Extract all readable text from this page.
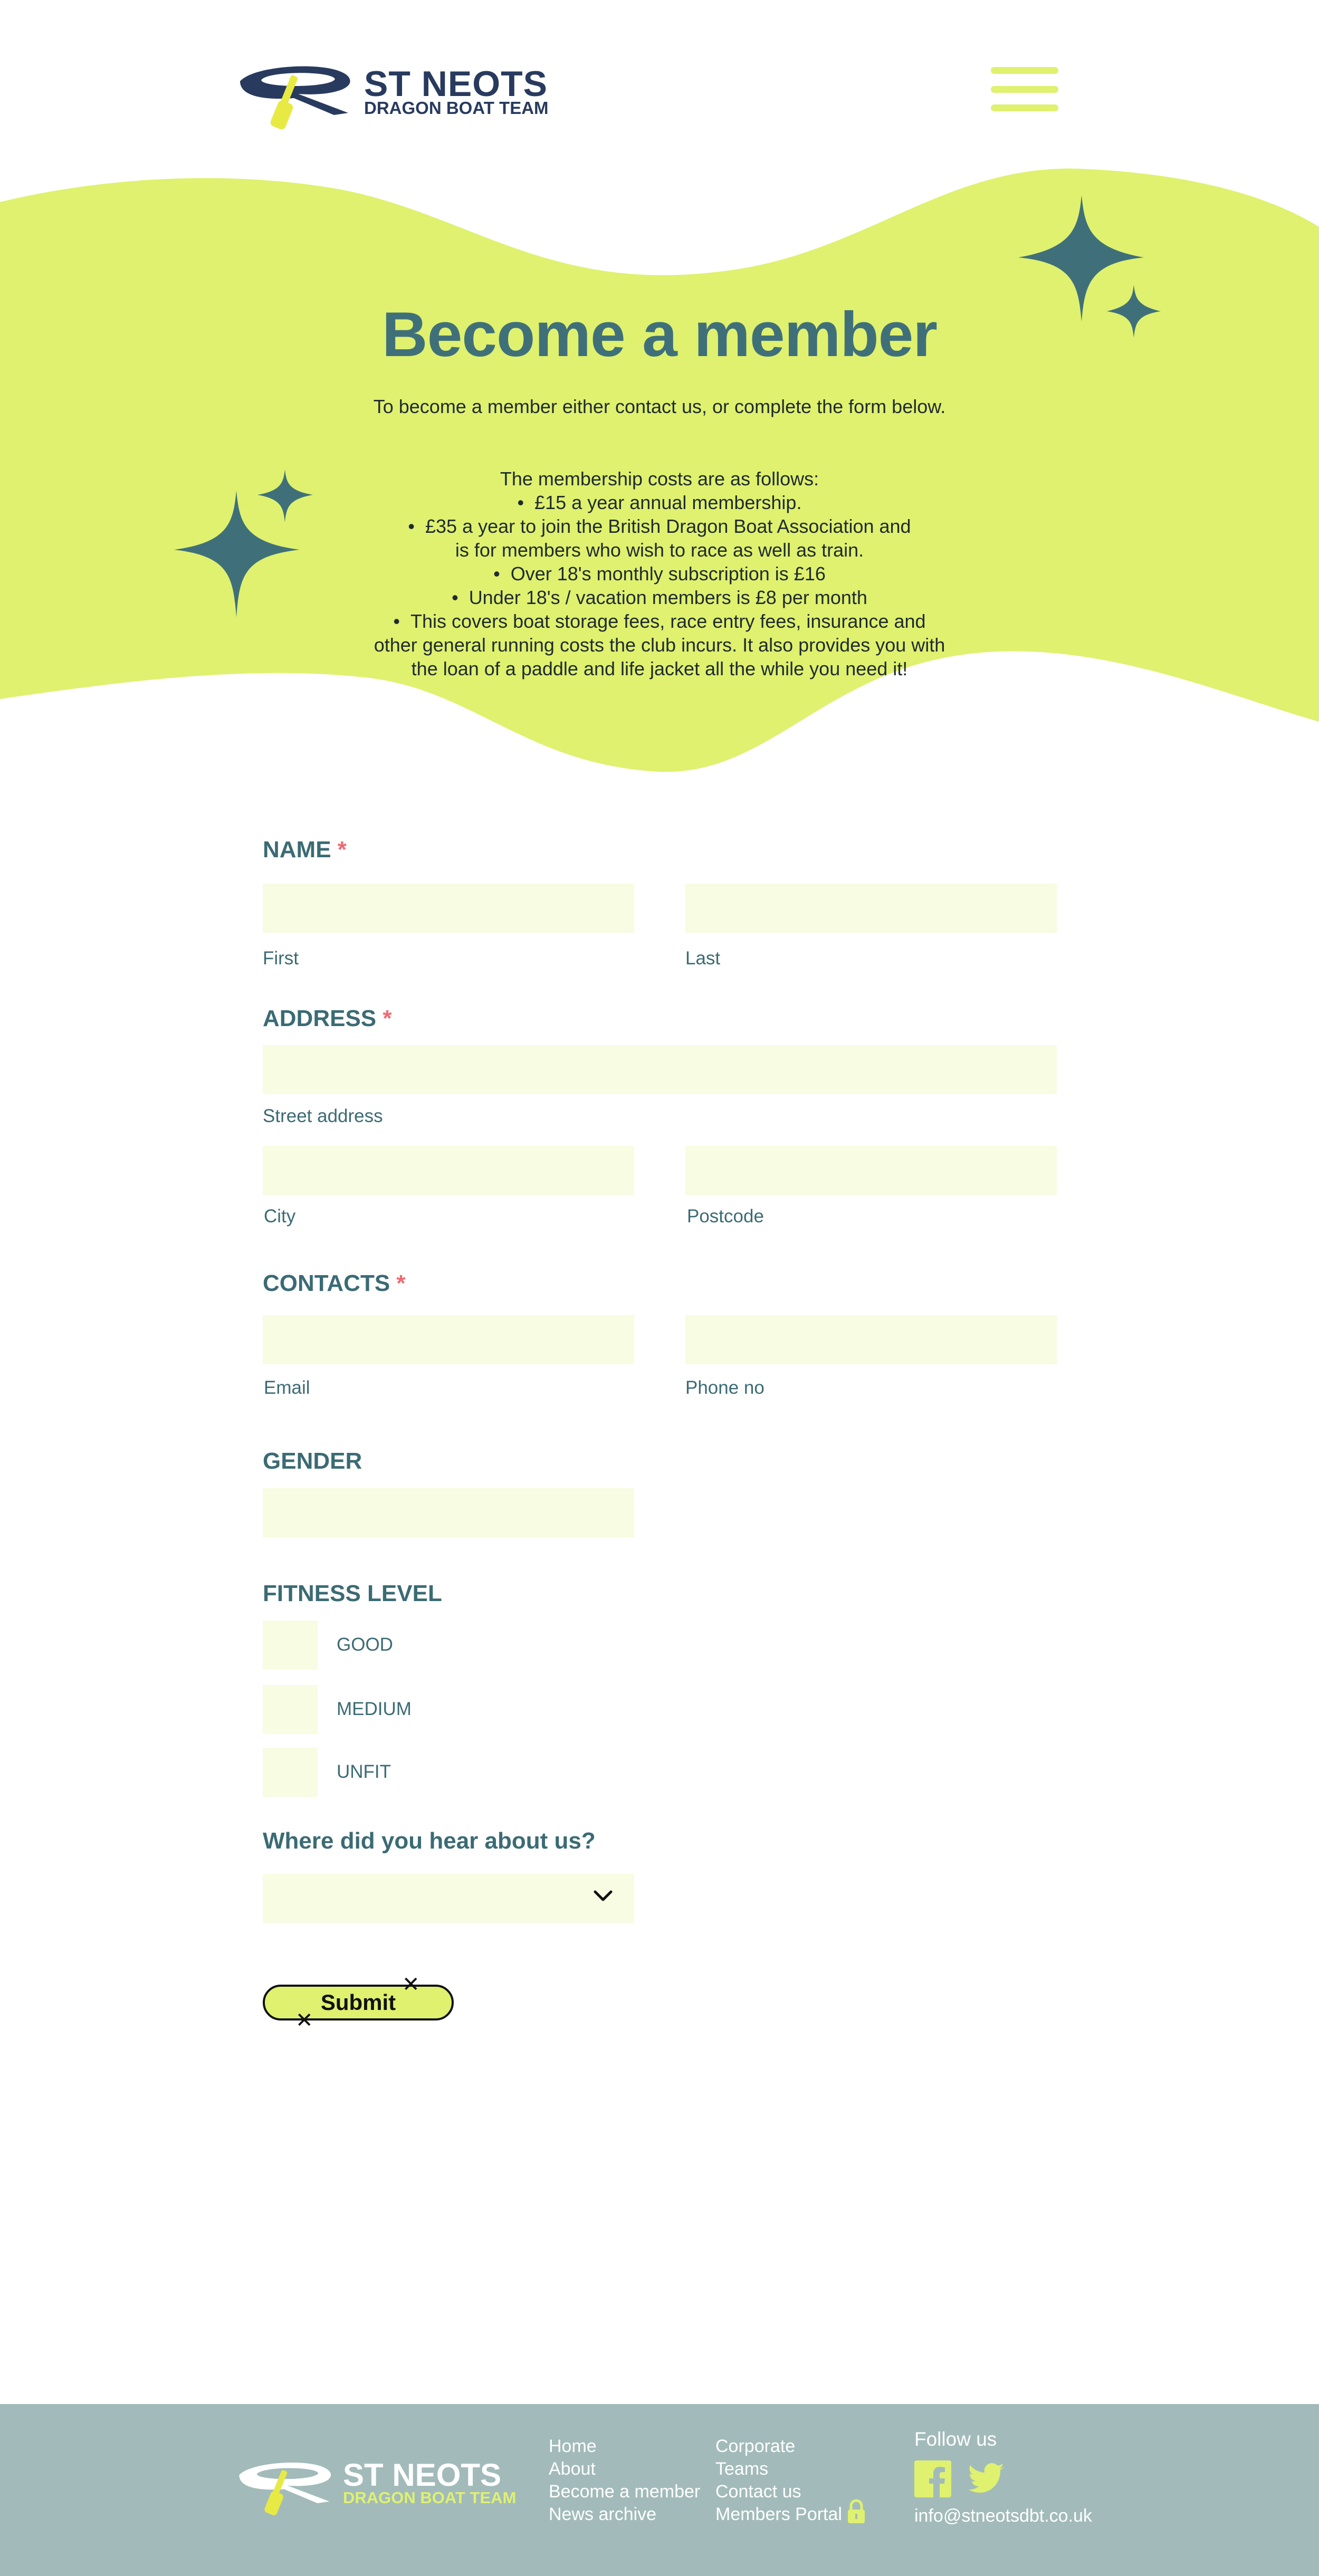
ST NEOTS
DRAGON BOAT TEAM
Become a member

To become a member either contact us, or complete the form below.

The membership costs are as follows:
•  £15 a year annual membership.
•  £35 a year to join the British Dragon Boat Association and is for members who wish to race as well as train.
•  Over 18's monthly subscription is £16
•  Under 18's / vacation members is £8 per month
•  This covers boat storage fees, race entry fees, insurance and other general running costs the club incurs. It also provides you with the loan of a paddle and life jacket all the while you need it!
NAME *
First	Last
ADDRESS *
Street address
City	Postcode
CONTACTS *
Email	Phone no
GENDER
FITNESS LEVEL
GOOD
MEDIUM
UNFIT
Where did you hear about us?
Submit
✕
✕
ST NEOTS
DRAGON BOAT TEAM
Home
About
Become a member
News archive
Corporate
Teams
Contact us
Members Portal
Follow us
info@stneotsdbt.co.uk
